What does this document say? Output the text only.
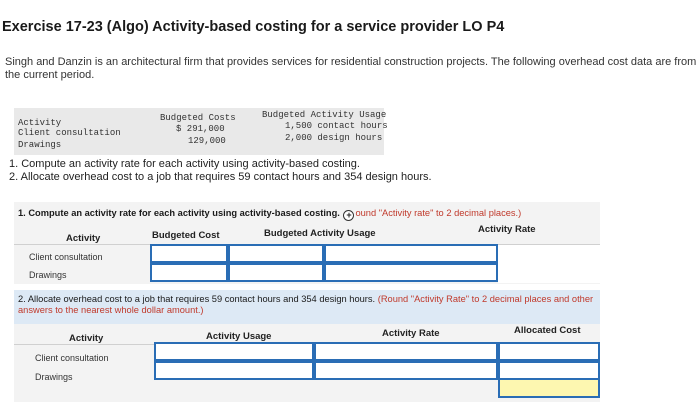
Exercise 17-23 (Algo) Activity-based costing for a service provider LO P4
Singh and Danzin is an architectural firm that provides services for residential construction projects. The following overhead cost data are from the current period.
Activity	Budgeted Costs	Budgeted Activity Usage
Client consultation	$ 291,000	1,500 contact hours
Drawings	129,000	2,000 design hours
1. Compute an activity rate for each activity using activity-based costing.
2. Allocate overhead cost to a job that requires 59 contact hours and 354 design hours.
1. Compute an activity rate for each activity using activity-based costing. + ound "Activity rate" to 2 decimal places.)
Activity	Budgeted Cost	Budgeted Activity Usage	Activity Rate
Client consultation
Drawings
2. Allocate overhead cost to a job that requires 59 contact hours and 354 design hours. (Round "Activity Rate" to 2 decimal places and other answers to the nearest whole dollar amount.)
Activity	Activity Usage	Activity Rate	Allocated Cost
Client consultation
Drawings
